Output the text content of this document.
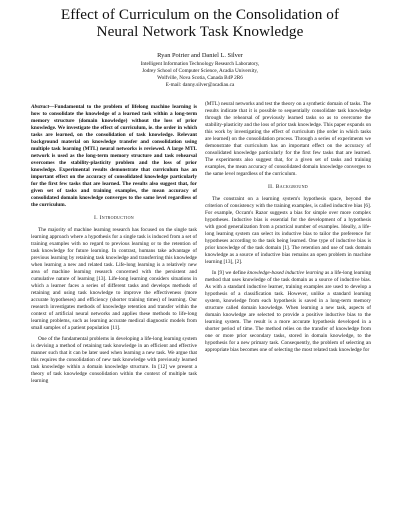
Effect of Curriculum on the Consolidation of
Neural Network Task Knowledge
Ryan Poirier and Daniel L. Silver
Intelligent Information Technology Research Laboratory,
Jodrey School of Computer Science, Acadia University,
Wolfville, Nova Scotia, Canada B4P 2R6
E-mail: danny.silver@acadiau.ca

Abstract—Fundamental to the problem of lifelong machine learning is how to consolidate the knowledge of a learned task within a long-term memory structure (domain knowledge) without the loss of prior knowledge. We investigate the effect of curriculum, ie. the order in which tasks are learned, on the consolidation of task knowledge. Relevant background material on knowledge transfer and consolidation using multiple task learning (MTL) neural networks is reviewed. A large MTL network is used as the long-term memory structure and task rehearsal overcomes the stability-plasticity problem and the loss of prior knowledge. Experimental results demonstrate that curriculum has an important effect on the accuracy of consolidated knowledge particularly for the first few tasks that are learned. The results also suggest that, for given set of tasks and training examples, the mean accuracy of consolidated domain knowledge converges to the same level regardless of the curriculum.

I. Introduction

The majority of machine learning research has focused on the single task learning approach where a hypothesis for a single task is induced from a set of training examples with no regard to previous learning or to the retention of task knowledge for future learning. In contrast, humans take advantage of previous learning by retaining task knowledge and transferring this knowledge when learning a new and related task. Life-long learning is a relatively new area of machine learning research concerned with the persistent and cumulative nature of learning [13]. Life-long learning considers situations in which a learner faces a series of different tasks and develops methods of retaining and using task knowledge to improve the effectiveness (more accurate hypotheses) and efficiency (shorter training times) of learning. Our research investigates methods of knowledge retention and transfer within the context of artificial neural networks and applies these methods to life-long learning problems, such as learning accurate medical diagnostic models from small samples of a patient population [11].

One of the fundamental problems in developing a life-long learning system is devising a method of retaining task knowledge in an efficient and effective manner such that it can be later used when learning a new task. We argue that this requires the consolidation of new task knowledge with previously learned task knowledge within a domain knowledge structure. In [12] we present a theory of task knowledge consolidation within the context of multiple task learning

(MTL) neural networks and test the theory on a synthetic domain of tasks. The results indicate that it is possible to sequentially consolidate task knowledge through the rehearsal of previously learned tasks so as to overcome the stability-plasticity and the loss of prior task knowledge. This paper expands on this work by investigating the effect of curriculum (the order in which tasks are learned) on the consolidation process. Through a series of experiments we demonstrate that curriculum has an important effect on the accuracy of consolidated knowledge particularly for the first few tasks that are learned. The experiments also suggest that, for a given set of tasks and training examples, the mean accuracy of consolidated domain knowledge converges to the same level regardless of the curriculum.

II. Background

The constraint on a learning system's hypothesis space, beyond the criterion of consistency with the training examples, is called inductive bias [6]. For example, Occam's Razor suggests a bias for simple over more complex hypotheses. Inductive bias is essential for the development of a hypothesis with good generalization from a practical number of examples. Ideally, a life-long learning system can select its inductive bias to tailor the preference for hypotheses according to the task being learned. One type of inductive bias is prior knowledge of the task domain [1]. The retention and use of task domain knowledge as a source of inductive bias remains an open problem in machine learning [13], [2].

In [9] we define knowledge-based inductive learning as a life-long learning method that uses knowledge of the task domain as a source of inductive bias. As with a standard inductive learner, training examples are used to develop a hypothesis of a classification task. However, unlike a standard learning system, knowledge from each hypothesis is saved in a long-term memory structure called domain knowledge. When learning a new task, aspects of domain knowledge are selected to provide a positive inductive bias to the learning system. The result is a more accurate hypothesis developed in a shorter period of time. The method relies on the transfer of knowledge from one or more prior secondary tasks, stored in domain knowledge, to the hypothesis for a new primary task. Consequently, the problem of selecting an appropriate bias becomes one of selecting the most related task knowledge for
